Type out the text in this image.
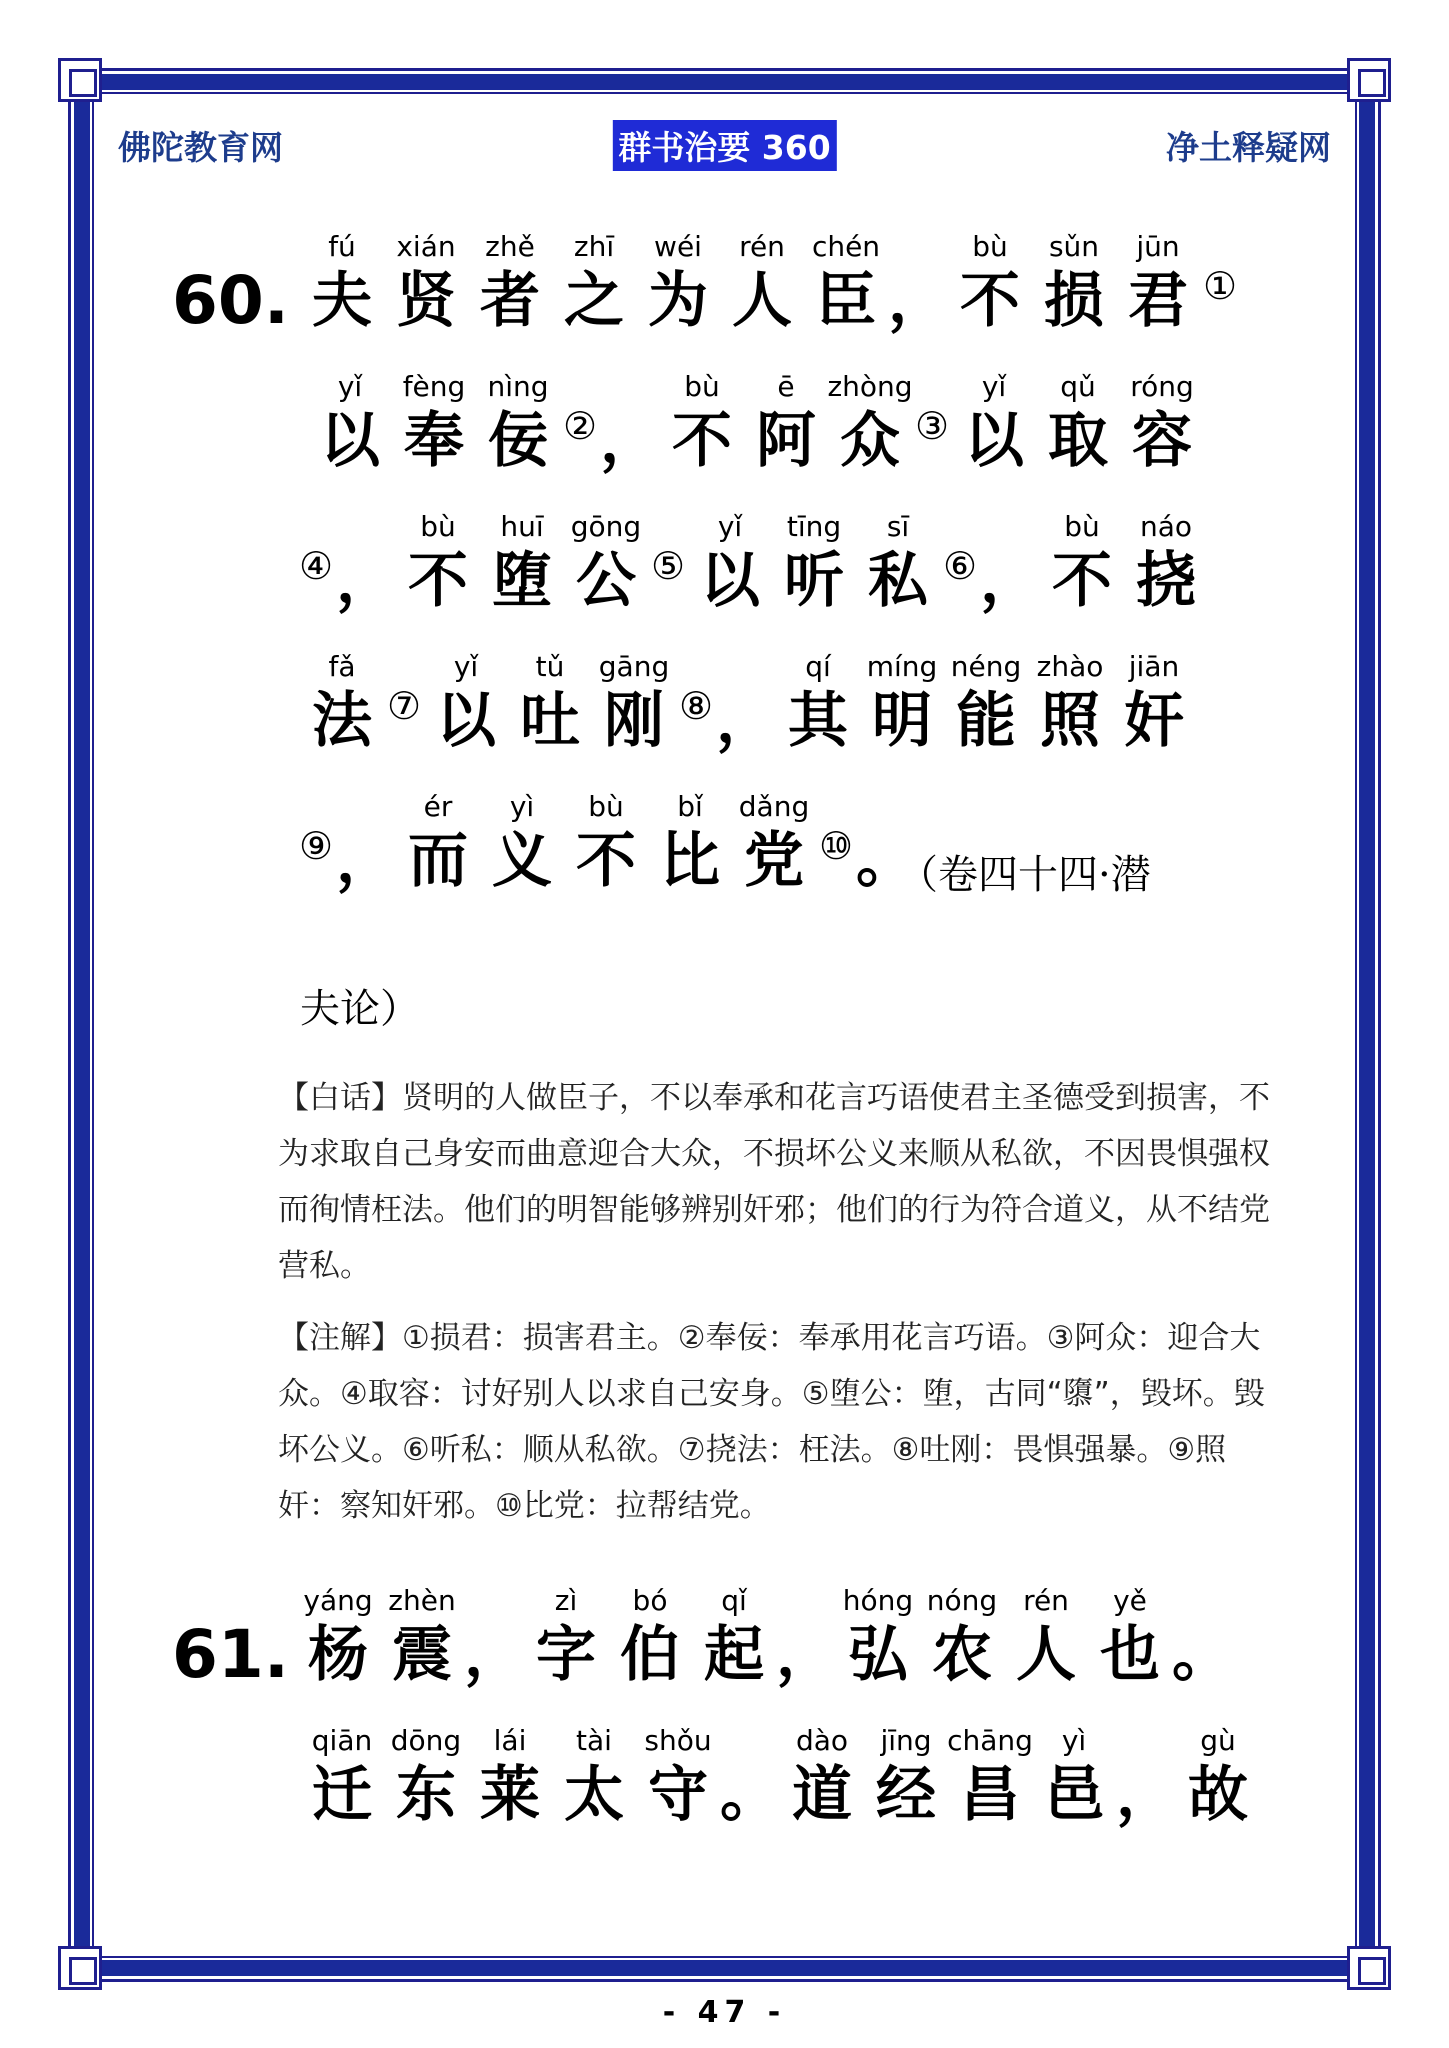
佛陀教育网	群书治要 360	净土释疑网
60.
fú
夫
xián
贤
zhě
者
zhī
之
wéi
为
rén
人
chén
臣 ，
bù
不
sǔn
损
jūn
君 ①
yǐ
以
fèng
奉
nìng
佞 ② ，
bù
不
ē
阿
zhòng
众 ③
yǐ
以
qǔ
取
róng
容
④ ，
bù
不
huī
堕
gōng
公 ⑤
yǐ
以
tīng
听
sī
私 ⑥ ，
bù
不
náo
挠
fǎ
法 ⑦
yǐ
以
tǔ
吐
gāng
刚 ⑧ ，
qí
其
míng
明
néng
能
zhào
照
jiān
奸
⑨ ，
ér
而
yì
义
bù
不
bǐ
比
dǎng
党 ⑩ 。
（卷四十四·潜
夫论）
【白话】贤明的人做臣子，不以奉承和花言巧语使君主圣德受到损害，不为求取自己身安而曲意迎合大众，不损坏公义来顺从私欲，不因畏惧强权而徇情枉法。他们的明智能够辨别奸邪；他们的行为符合道义，从不结党营私。
【注解】①损君：损害君主。②奉佞：奉承用花言巧语。③阿众：迎合大众。④取容：讨好别人以求自己安身。⑤堕公：堕，古同“隳”，毁坏。毁坏公义。⑥听私：顺从私欲。⑦挠法：枉法。⑧吐刚：畏惧强暴。⑨照奸：察知奸邪。⑩比党：拉帮结党。
61.
yáng
杨
zhèn
震 ，
zì
字
bó
伯
qǐ
起 ，
hóng
弘
nóng
农
rén
人
yě
也 。
qiān
迁
dōng
东
lái
莱
tài
太
shǒu
守 。
dào
道
jīng
经
chāng
昌
yì
邑 ，
gù
故
- 47 -
